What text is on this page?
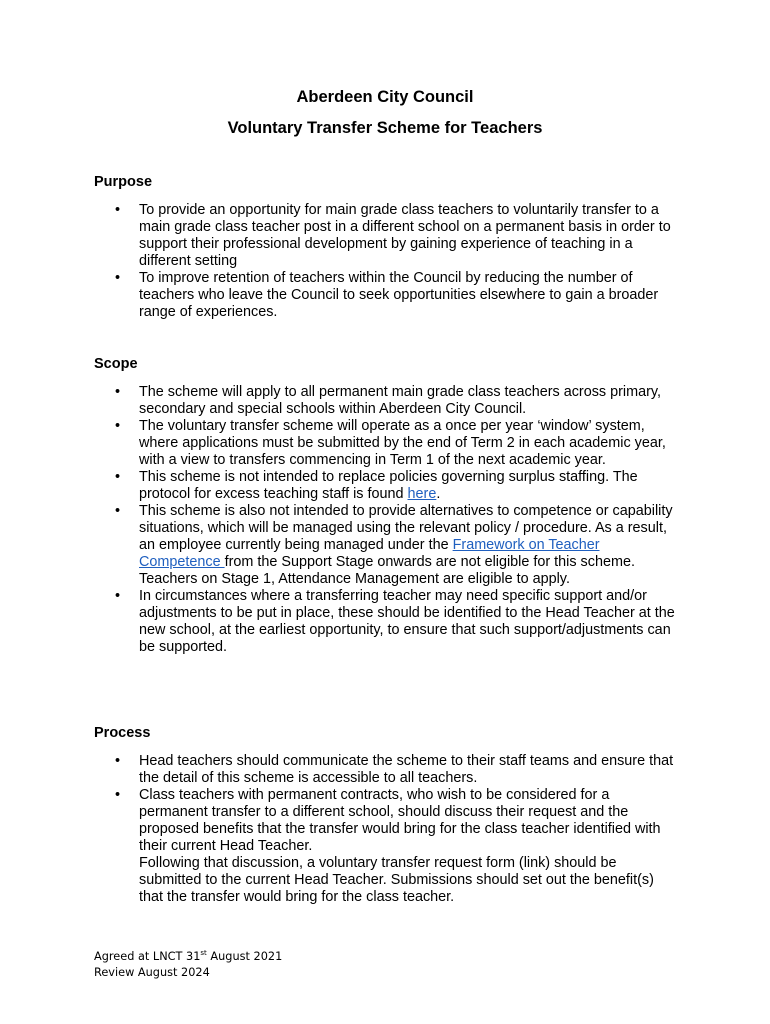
Aberdeen City Council
Voluntary Transfer Scheme for Teachers
Purpose
• To provide an opportunity for main grade class teachers to voluntarily transfer to a main grade class teacher post in a different school on a permanent basis in order to support their professional development by gaining experience of teaching in a different setting
• To improve retention of teachers within the Council by reducing the number of teachers who leave the Council to seek opportunities elsewhere to gain a broader range of experiences.
Scope
• The scheme will apply to all permanent main grade class teachers across primary, secondary and special schools within Aberdeen City Council.
• The voluntary transfer scheme will operate as a once per year ‘window’ system, where applications must be submitted by the end of Term 2 in each academic year, with a view to transfers commencing in Term 1 of the next academic year.
• This scheme is not intended to replace policies governing surplus staffing. The protocol for excess teaching staff is found here.
• This scheme is also not intended to provide alternatives to competence or capability situations, which will be managed using the relevant policy / procedure. As a result, an employee currently being managed under the Framework on Teacher Competence from the Support Stage onwards are not eligible for this scheme. Teachers on Stage 1, Attendance Management are eligible to apply.
• In circumstances where a transferring teacher may need specific support and/or adjustments to be put in place, these should be identified to the Head Teacher at the new school, at the earliest opportunity, to ensure that such support/adjustments can be supported.
Process
• Head teachers should communicate the scheme to their staff teams and ensure that the detail of this scheme is accessible to all teachers.
• Class teachers with permanent contracts, who wish to be considered for a permanent transfer to a different school, should discuss their request and the proposed benefits that the transfer would bring for the class teacher identified with their current Head Teacher.
Following that discussion, a voluntary transfer request form (link) should be submitted to the current Head Teacher. Submissions should set out the benefit(s) that the transfer would bring for the class teacher.
Agreed at LNCT 31st August 2021
Review August 2024
